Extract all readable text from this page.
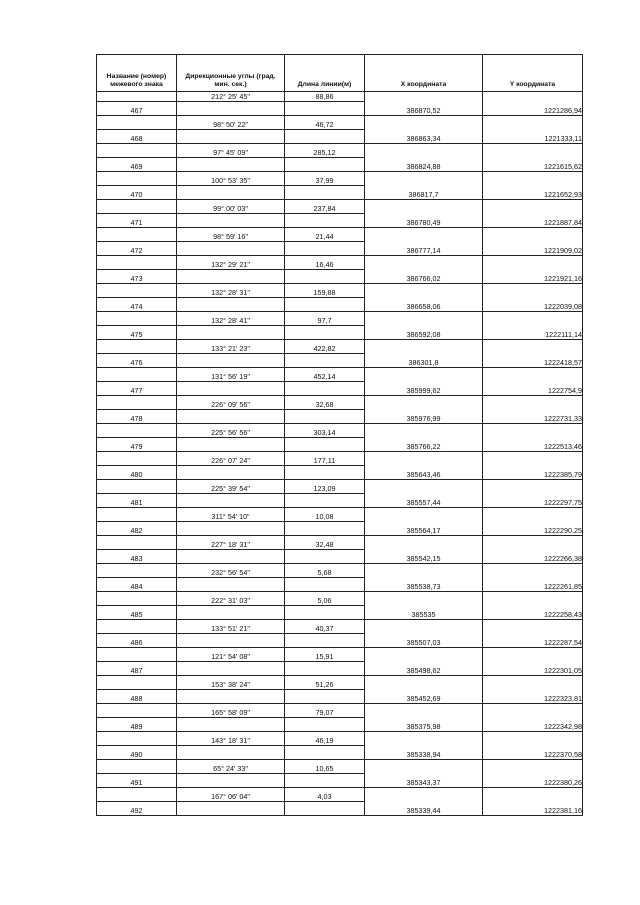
Название (номер) межевого знака	Дирекционные углы (град. мин. сек.)	Длина линии(м)	X координата	Y координата
	212° 25' 45"	88,86		
467			386870,52	1221286,94
	98° 50' 22"	46,72		
468			386863,34	1221333,11
	97° 45' 09"	285,12		
469			386824,88	1221615,62
	100° 53' 35"	37,99		
470			386817,7	1221652,93
	99° 00' 03"	237,84		
471			386780,49	1221887,84
	98° 59' 16"	21,44		
472			386777,14	1221909,02
	132° 29' 21"	16,46		
473			386766,02	1221921,16
	132° 28' 31"	159,88		
474			386658,06	1222039,08
	132° 28' 41"	97,7		
475			386592,08	1222111,14
	133° 21' 23"	422,82		
476			386301,8	1222418,57
	131° 56' 19"	452,14		
477			385999,62	1222754,9
	226° 09' 56"	32,68		
478			385976,99	1222731,33
	225° 56' 56"	303,14		
479			385766,22	1222513,46
	226° 07' 24"	177,11		
480			385643,46	1222385,79
	225° 39' 54"	123,09		
481			385557,44	1222297,75
	311° 54' 10"	10,08		
482			385564,17	1222290,25
	227° 18' 31"	32,48		
483			385542,15	1222266,38
	232° 56' 54"	5,68		
484			385538,73	1222261,85
	222° 31' 03"	5,06		
485			385535	1222258,43
	133° 51' 21"	40,37		
486			385507,03	1222287,54
	121° 54' 08"	15,91		
487			385498,62	1222301,05
	153° 38' 24"	51,26		
488			385452,69	1222323,81
	165° 58' 09"	79,07		
489			385375,98	1222342,98
	143° 18' 31"	46,19		
490			385338,94	1222370,58
	65° 24' 33"	10,65		
491			385343,37	1222380,26
	167° 06' 04"	4,03		
492			385339,44	1222381,16
